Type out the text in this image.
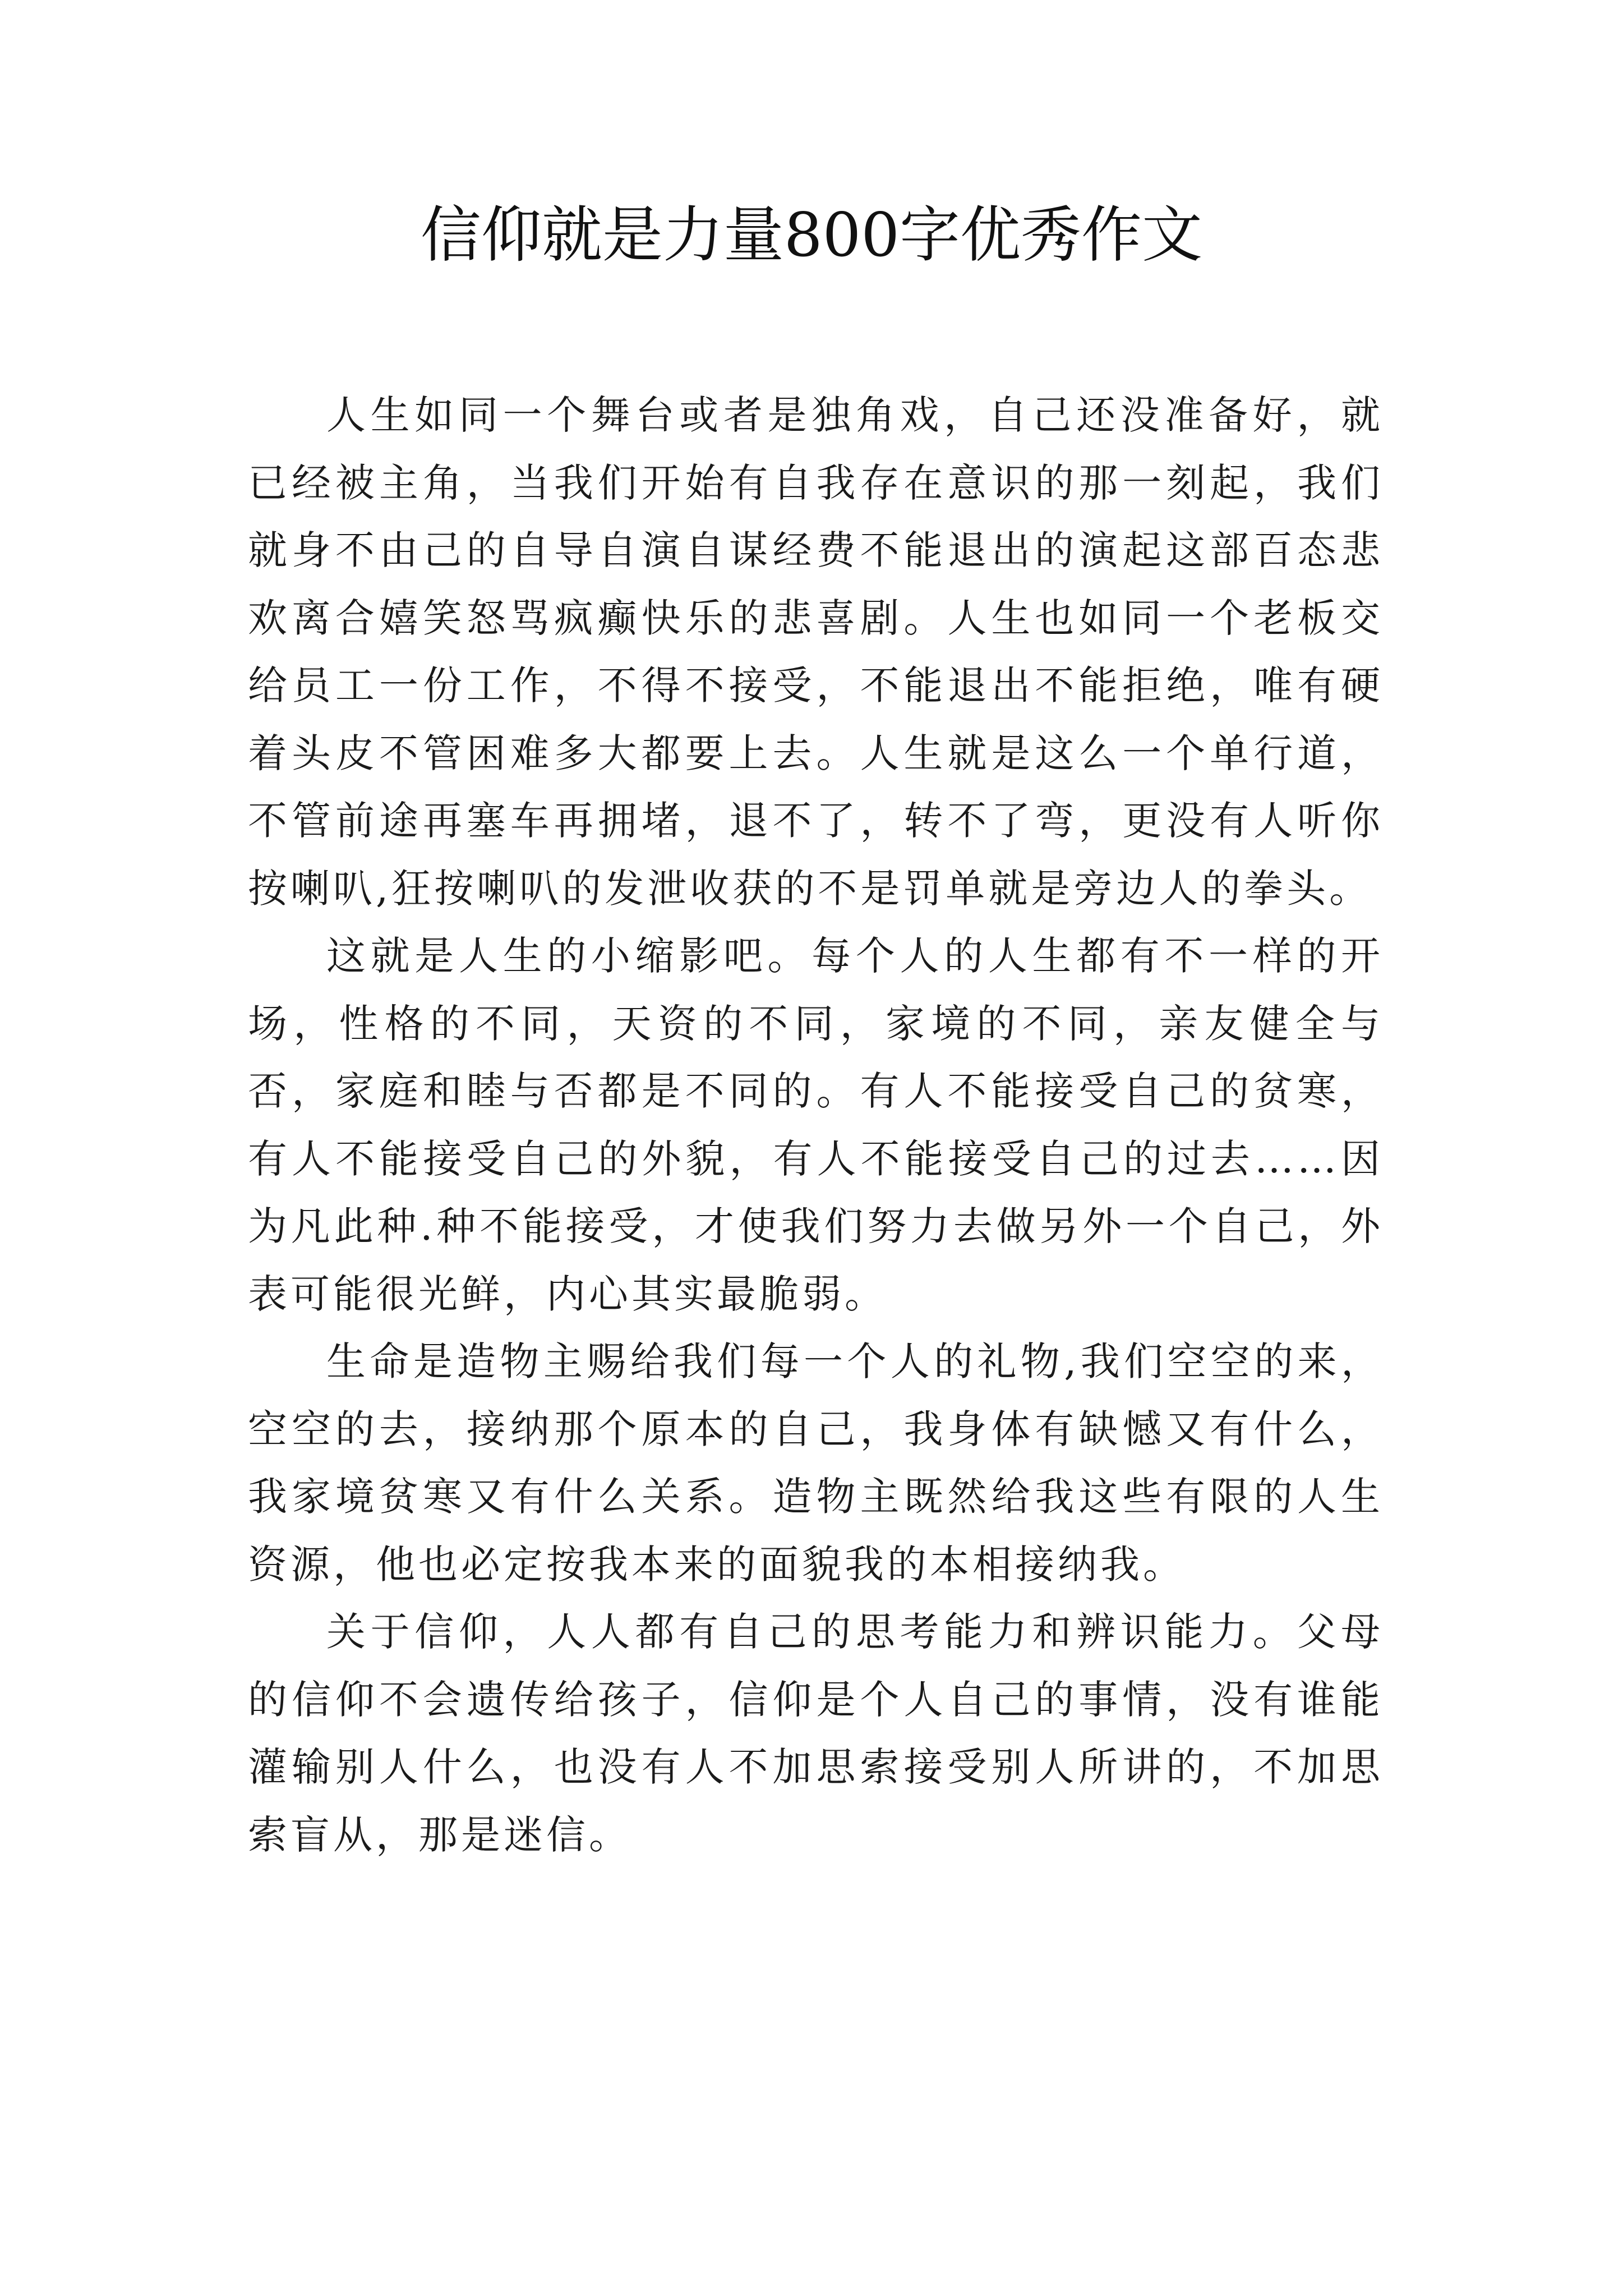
信仰就是力量800字优秀作文

人生如同一个舞台或者是独角戏，自己还没准备好，就已经被主角，当我们开始有自我存在意识的那一刻起，我们就身不由己的自导自演自谋经费不能退出的演起这部百态悲欢离合嬉笑怒骂疯癫快乐的悲喜剧。人生也如同一个老板交给员工一份工作，不得不接受，不能退出不能拒绝，唯有硬着头皮不管困难多大都要上去。人生就是这么一个单行道，不管前途再塞车再拥堵，退不了，转不了弯，更没有人听你按喇叭,狂按喇叭的发泄收获的不是罚单就是旁边人的拳头。

这就是人生的小缩影吧。每个人的人生都有不一样的开场，性格的不同，天资的不同，家境的不同，亲友健全与否，家庭和睦与否都是不同的。有人不能接受自己的贫寒，有人不能接受自己的外貌，有人不能接受自己的过去……因为凡此种.种不能接受，才使我们努力去做另外一个自己，外表可能很光鲜，内心其实最脆弱。

生命是造物主赐给我们每一个人的礼物,我们空空的来，空空的去，接纳那个原本的自己，我身体有缺憾又有什么，我家境贫寒又有什么关系。造物主既然给我这些有限的人生资源，他也必定按我本来的面貌我的本相接纳我。

关于信仰，人人都有自己的思考能力和辨识能力。父母的信仰不会遗传给孩子，信仰是个人自己的事情，没有谁能灌输别人什么，也没有人不加思索接受别人所讲的，不加思索盲从，那是迷信。
